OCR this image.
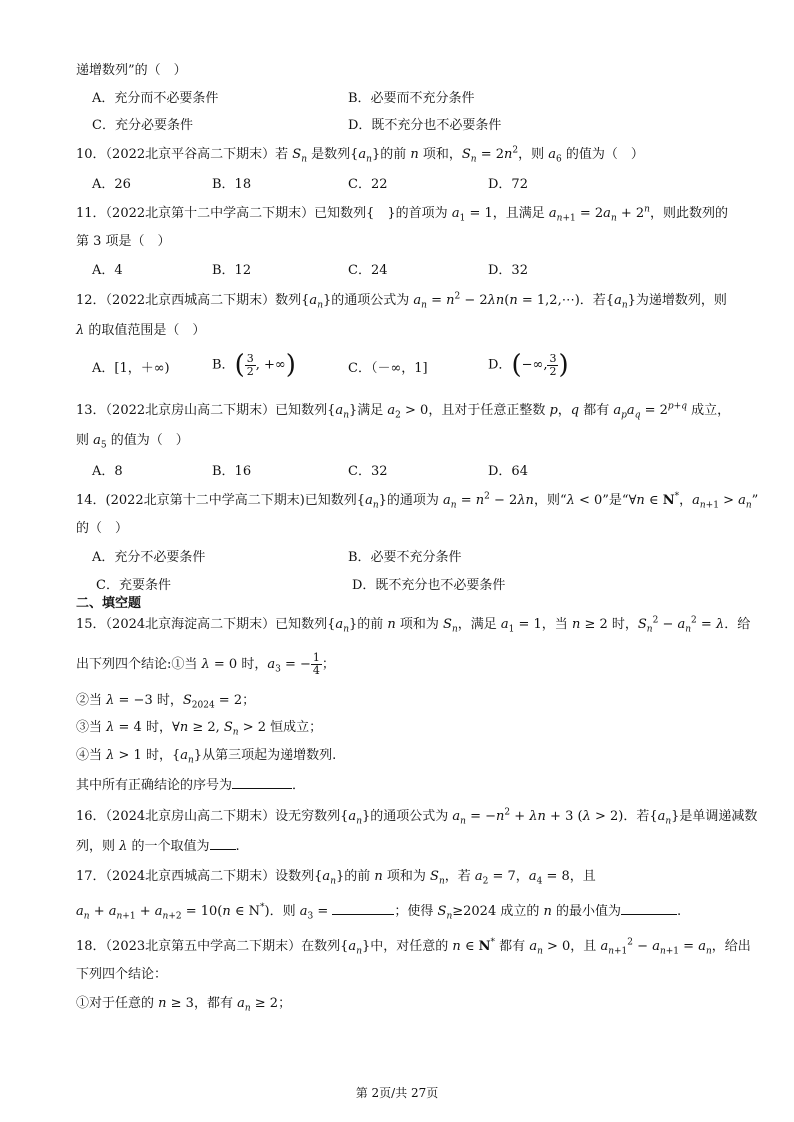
递增数列”的（　）
A．充分而不必要条件	B．必要而不充分条件
C．充分必要条件	D．既不充分也不必要条件
10．（2022北京平谷高二下期末）若 $S_n$ 是数列$\{a_n\}$的前 n 项和，$S_n = 2n^2$，则 $a_6$ 的值为（　）
A．26	B．18	C．22	D．72
11．（2022北京第十二中学高二下期末）已知数列{　}的首项为 $a_1 = 1$，且满足 $a_{n+1} = 2a_n + 2^n$，则此数列的
第 3 项是（　）
A．4	B．12	C．24	D．32
12．（2022北京西城高二下期末）数列$\{a_n\}$的通项公式为 $a_n = n^2 - 2\lambda n(n$ = 1,2,⋯)．若$\{a_n\}$为递增数列，则
λ 的取值范围是（　）
A．[1，＋∞)	B．( $\frac{3}{2}$ , +∞)	C．（－∞，1]	D．(−∞, $\frac{3}{2}$ )
13．（2022北京房山高二下期末）已知数列$\{a_n\}$满足 $a_2 > 0$，且对于任意正整数 p，q 都有 $a_pa_q = 2^{p+q}$ 成立，
则 $a_5$ 的值为（　）
A．8	B．16	C．32	D．64
14．(2022北京第十二中学高二下期末)已知数列$\{a_n\}$的通项为 $a_n = n^2 - 2\lambda n$，则“λ < 0”是“∀n ∈ N*，$a_{n+1} > a_n$”
的（　）
A．充分不必要条件	B．必要不充分条件
C．充要条件	D．既不充分也不必要条件
二、填空题
15．（2024北京海淀高二下期末）已知数列$\{a_n\}$的前 n 项和为 $S_n$，满足 $a_1 = 1$，当 n ≥ 2 时，$S_n^2 - a_n^2 = \lambda$．给
出下列四个结论:①当 λ = 0 时，$a_3$ = − $\frac{1}{4}$ ；
②当 λ = −3 时，$S_{2024} = 2$；
③当 λ = 4 时，∀n ≥ 2, $S_n > 2$ 恒成立；
④当 λ > 1 时，$\{a_n\}$从第三项起为递增数列.
其中所有正确结论的序号为	．
16．（2024北京房山高二下期末）设无穷数列$\{a_n\}$的通项公式为 $a_n = -n^2 + \lambda n + 3$ (λ > 2)．若$\{a_n\}$是单调递减数
列，则 λ 的一个取值为 .
17．（2024北京西城高二下期末）设数列$\{a_n\}$的前 n 项和为 $S_n$，若 $a_2 = 7$，$a_4 = 8$，且
$a_n + a_{n+1} + a_{n+2} = 10(n$ ∈ N*)．则 $a_3$ =	；使得 $S_n\ge 2024$ 成立的 n 的最小值为	.
18．（2023北京第五中学高二下期末）在数列$\{a_n\}$中，对任意的 n ∈ N* 都有 $a_n > 0$，且 $a_{n+1}^2 - a_{n+1} = a_n$，给出
下列四个结论：
①对于任意的 n ≥ 3，都有 $a_n \ge 2$；
第 2页/共 27页
